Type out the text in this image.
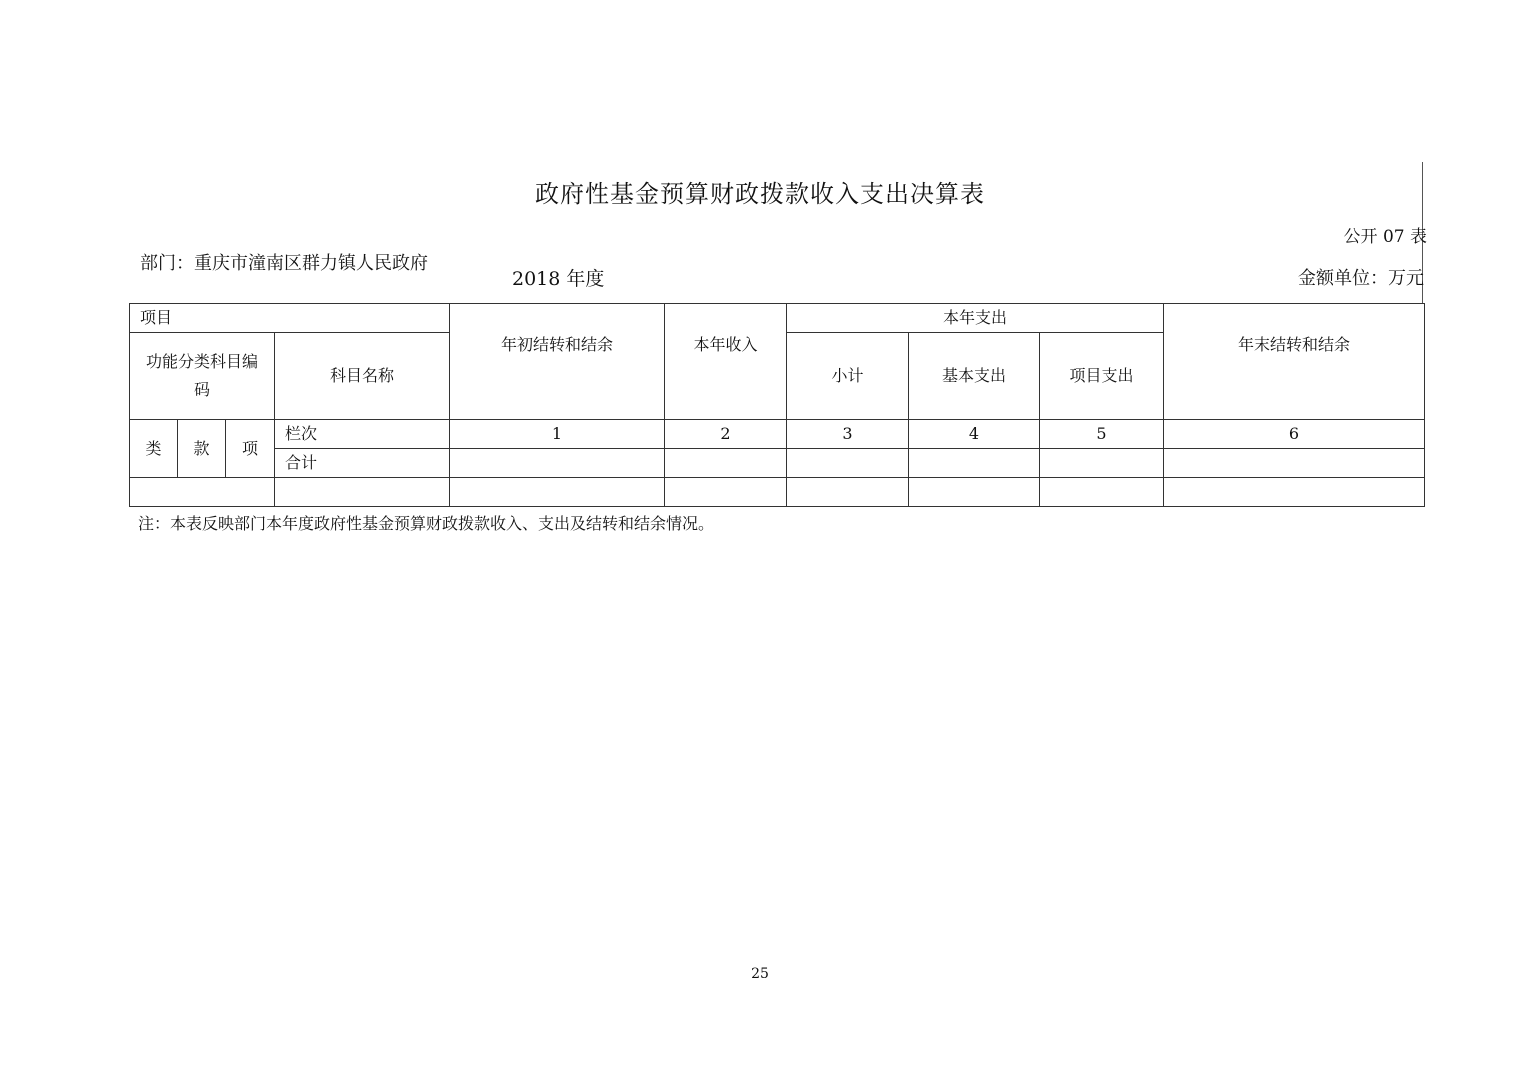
政府性基金预算财政拨款收入支出决算表
公开 07 表
部门：重庆市潼南区群力镇人民政府
2018 年度	金额单位：万元
项目				年初结转和结余	本年收入	本年支出			年末结转和结余

功能分类科目编码			科目名称			小计	基本支出	项目支出	

类	款	项	栏次	1	2	3	4	5	6
			合计						

注：本表反映部门本年度政府性基金预算财政拨款收入、支出及结转和结余情况。
25
